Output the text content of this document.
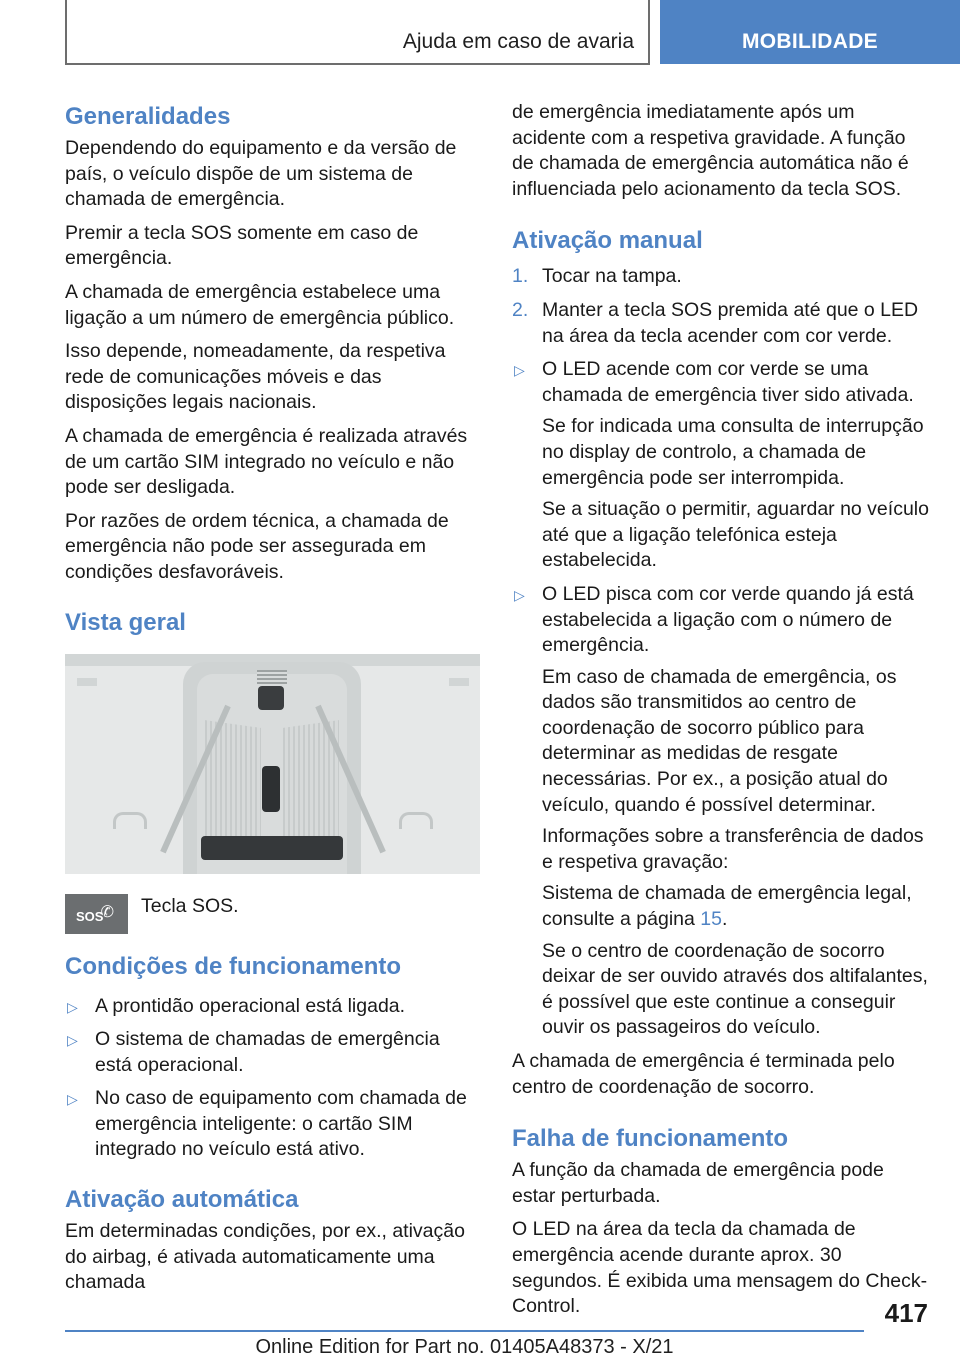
Ajuda em caso de avaria	MOBILIDADE
Generalidades

Dependendo do equipamento e da versão de país, o veículo dispõe de um sistema de chamada de emergência.

Premir a tecla SOS somente em caso de emergência.

A chamada de emergência estabelece uma ligação a um número de emergência público.

Isso depende, nomeadamente, da respetiva rede de comunicações móveis e das disposições legais nacionais.

A chamada de emergência é realizada através de um cartão SIM integrado no veículo e não pode ser desligada.

Por razões de ordem técnica, a chamada de emergência não pode ser assegurada em condições desfavoráveis.

Vista geral
✆
SOS Tecla SOS.
Condições de funcionamento
▷ A prontidão operacional está ligada.
▷ O sistema de chamadas de emergência está operacional.
▷ No caso de equipamento com chamada de emergência inteligente: o cartão SIM integrado no veículo está ativo.
Ativação automática

Em determinadas condições, por ex., ativação do airbag, é ativada automaticamente uma chamada

de emergência imediatamente após um acidente com a respetiva gravidade. A função de chamada de emergência automática não é influenciada pelo acionamento da tecla SOS.

Ativação manual
1. Tocar na tampa.
2. Manter a tecla SOS premida até que o LED na área da tecla acender com cor verde.
▷ O LED acende com cor verde se uma chamada de emergência tiver sido ativada.

Se for indicada uma consulta de interrupção no display de controlo, a chamada de emergência pode ser interrompida.

Se a situação o permitir, aguardar no veículo até que a ligação telefónica esteja estabelecida.

▷ O LED pisca com cor verde quando já está estabelecida a ligação com o número de emergência.

Em caso de chamada de emergência, os dados são transmitidos ao centro de coordenação de socorro público para determinar as medidas de resgate necessárias. Por ex., a posição atual do veículo, quando é possível determinar.

Informações sobre a transferência de dados e respetiva gravação:

Sistema de chamada de emergência legal, consulte a página 15.

Se o centro de coordenação de socorro deixar de ser ouvido através dos altifalantes, é possível que este continue a conseguir ouvir os passageiros do veículo.

A chamada de emergência é terminada pelo centro de coordenação de socorro.

Falha de funcionamento

A função da chamada de emergência pode estar perturbada.

O LED na área da tecla da chamada de emergência acende durante aprox. 30 segundos. É exibida uma mensagem do Check-Control.	417
Online Edition for Part no. 01405A48373 - X/21
